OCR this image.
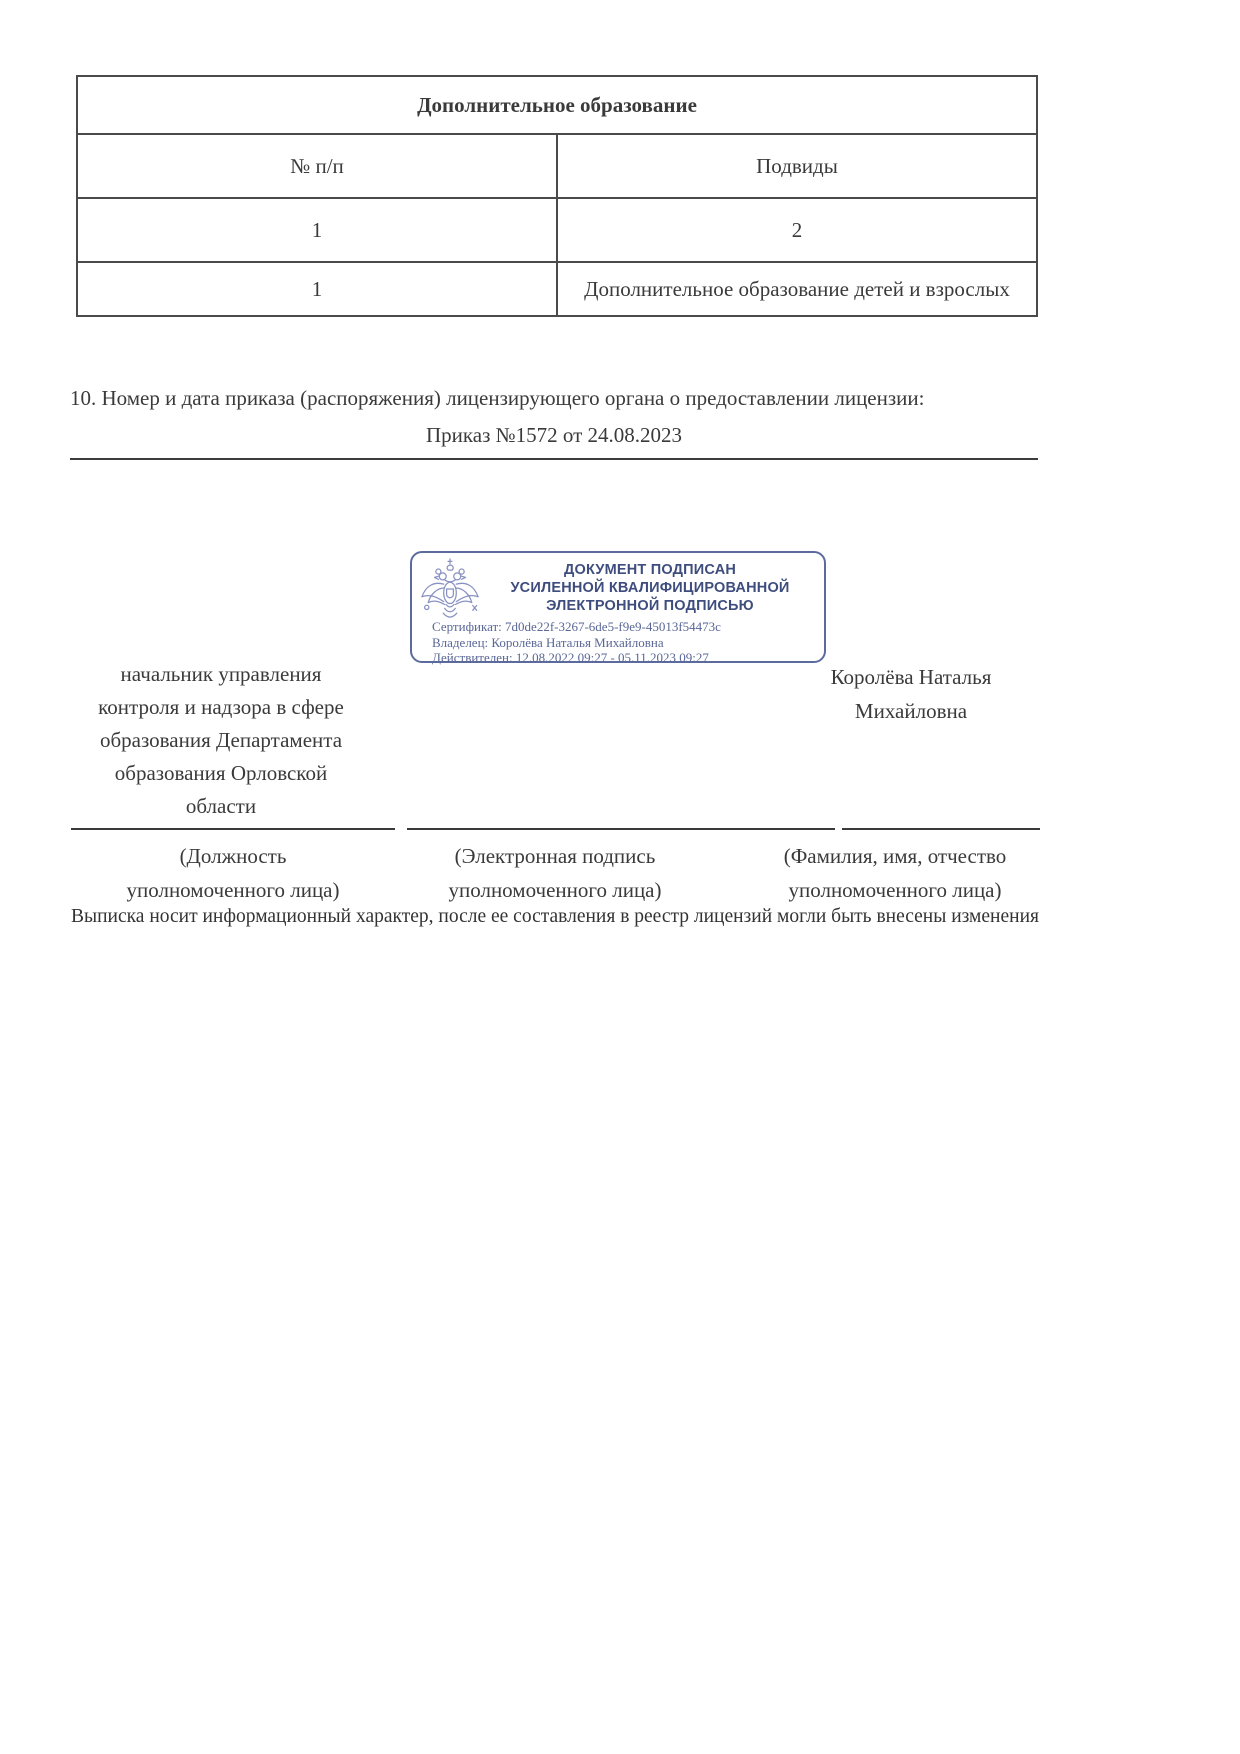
Дополнительное образование	
№ п/п	Подвиды
1	2
1	Дополнительное образование детей и взрослых
10. Номер и дата приказа (распоряжения) лицензирующего органа о предоставлении лицензии:
Приказ №1572 от 24.08.2023
ДОКУМЕНТ ПОДПИСАН
УСИЛЕННОЙ КВАЛИФИЦИРОВАННОЙ
ЭЛЕКТРОННОЙ ПОДПИСЬЮ
Сертификат: 7d0de22f-3267-6de5-f9e9-45013f54473c
Владелец: Королёва Наталья Михайловна
Действителен: 12.08.2022 09:27 - 05.11.2023 09:27
начальник управления
контроля и надзора в сфере
образования Департамента
образования Орловской
области
Королёва Наталья
Михайловна
(Должность
уполномоченного лица)
(Электронная подпись
уполномоченного лица)
(Фамилия, имя, отчество
уполномоченного лица)
Выписка носит информационный характер, после ее составления в реестр лицензий могли быть внесены изменения
